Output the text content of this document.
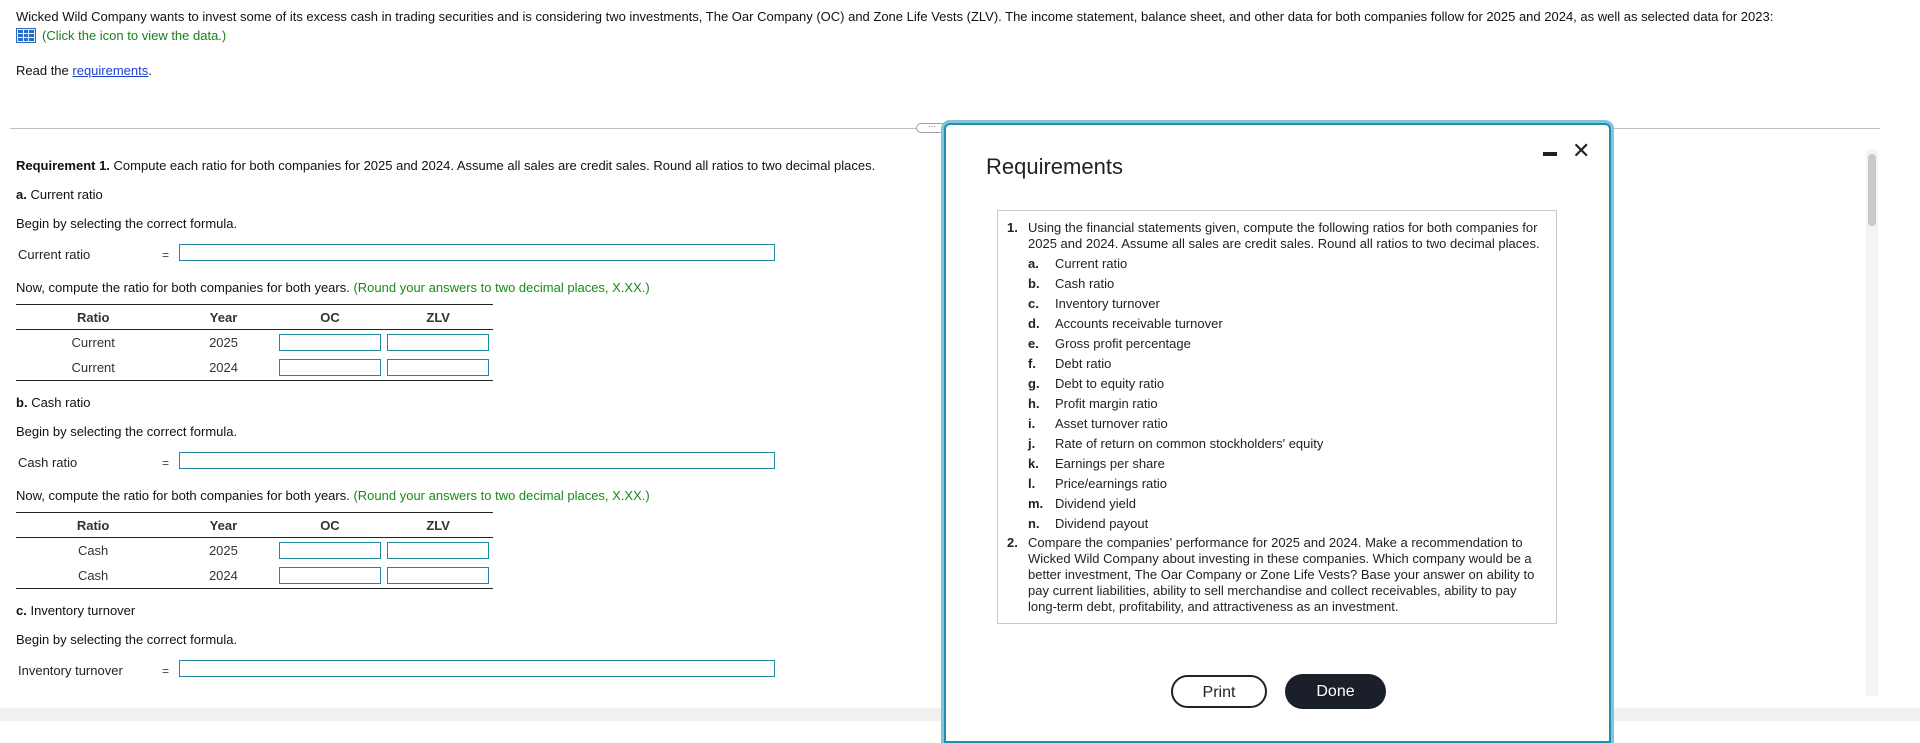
Wicked Wild Company wants to invest some of its excess cash in trading securities and is considering two investments, The Oar Company (OC) and Zone Life Vests (ZLV). The income statement, balance sheet, and other data for both companies follow for 2025 and 2024, as well as selected data for 2023:
(Click the icon to view the data.)
Read the requirements.
···
Requirement 1. Compute each ratio for both companies for 2025 and 2024. Assume all sales are credit sales. Round all ratios to two decimal places.
a. Current ratio
Begin by selecting the correct formula.
Current ratio	=
Now, compute the ratio for both companies for both years. (Round your answers to two decimal places, X.XX.)
Ratio	Year	OC	ZLV
Current	2025		
Current	2024		
b. Cash ratio
Begin by selecting the correct formula.
Cash ratio	=
Now, compute the ratio for both companies for both years. (Round your answers to two decimal places, X.XX.)
Ratio	Year	OC	ZLV
Cash	2025		
Cash	2024		
c. Inventory turnover
Begin by selecting the correct formula.
Inventory turnover	=
Requirements
✕
1. Using the financial statements given, compute the following ratios for both companies for
2025 and 2024. Assume all sales are credit sales. Round all ratios to two decimal places.
a. Current ratio
b. Cash ratio
c. Inventory turnover
d. Accounts receivable turnover
e. Gross profit percentage
f. Debt ratio
g. Debt to equity ratio
h. Profit margin ratio
i. Asset turnover ratio
j. Rate of return on common stockholders' equity
k. Earnings per share
l. Price/earnings ratio
m. Dividend yield
n. Dividend payout
2. Compare the companies' performance for 2025 and 2024. Make a recommendation to
Wicked Wild Company about investing in these companies. Which company would be a
better investment, The Oar Company or Zone Life Vests? Base your answer on ability to
pay current liabilities, ability to sell merchandise and collect receivables, ability to pay
long-term debt, profitability, and attractiveness as an investment.
Print	Done
